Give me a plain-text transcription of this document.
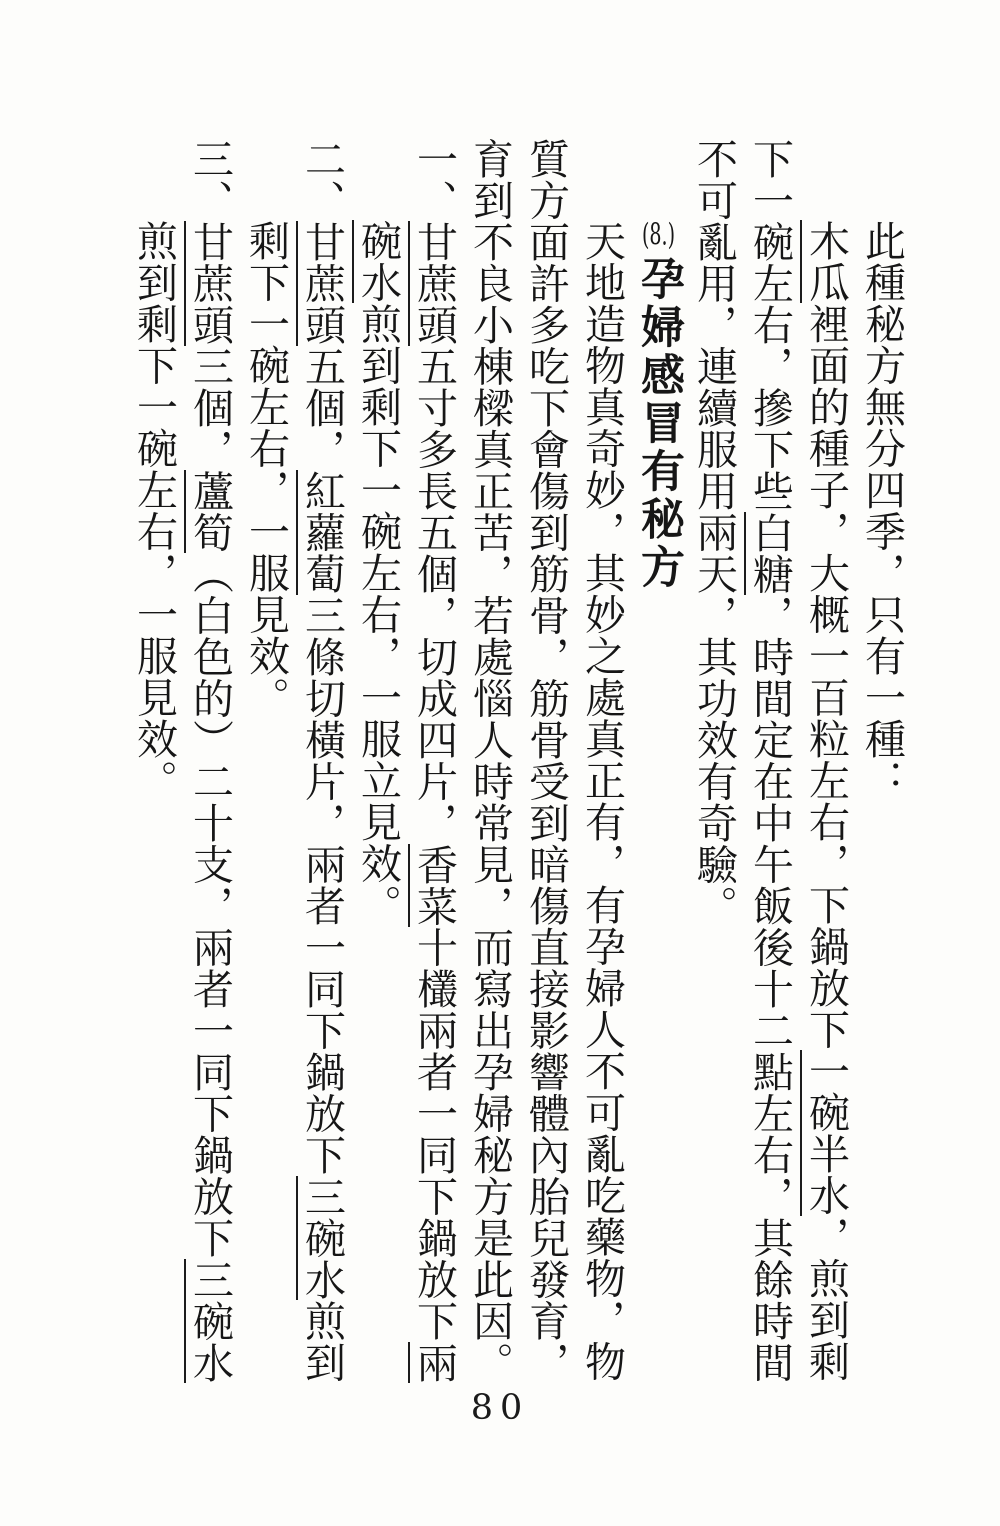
此種秘方無分四季，只有一種：

木瓜裡面的種子，大概一百粒左右，下鍋放下一碗半水，煎到剩

下一碗左右，摻下些白糖，時間定在中午飯後十二點左右，其餘時間

不可亂用，連續服用兩天，其功效有奇驗。

(8.)孕婦感冒有秘方

天地造物真奇妙，其妙之處真正有，有孕婦人不可亂吃藥物，物

質方面許多吃下會傷到筋骨，筋骨受到暗傷直接影響體內胎兒發育，

育到不良小棟樑真正苦，若處惱人時常見，而寫出孕婦秘方是此因。

一、甘蔗頭五寸多長五個，切成四片，香菜十欉兩者一同下鍋放下兩

碗水煎到剩下一碗左右，一服立見效。

二、甘蔗頭五個，紅蘿蔔三條切橫片，兩者一同下鍋放下三碗水煎到

剩下一碗左右，一服見效。

三、甘蔗頭三個，蘆筍（白色的）二十支，兩者一同下鍋放下三碗水

煎到剩下一碗左右，一服見效。

80
